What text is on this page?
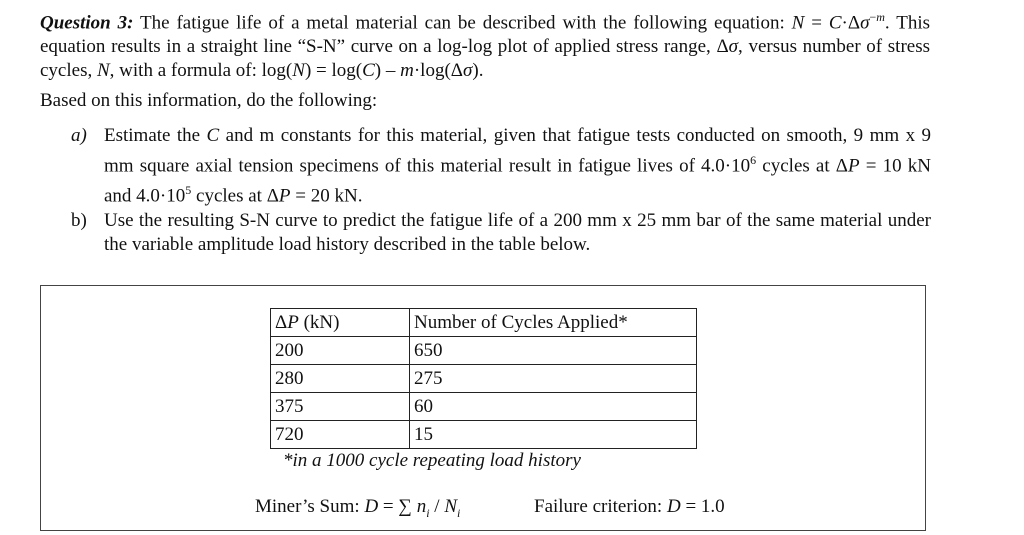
Question 3: The fatigue life of a metal material can be described with the following equation: $N = C\cdot\Delta\sigma^{-m}$. This equation results in a straight line “S-N” curve on a log-log plot of applied stress range, Δσ, versus number of stress cycles, N, with a formula of: log(N) = log(C) – m·log(Δσ).
Based on this information, do the following:
a) Estimate the C and m constants for this material, given that fatigue tests conducted on smooth, 9 mm x 9 mm square axial tension specimens of this material result in fatigue lives of $4.0\cdot 10^6$ cycles at ΔP = 10 kN and $4.0\cdot 10^5$ cycles at ΔP = 20 kN.
b) Use the resulting S-N curve to predict the fatigue life of a 200 mm x 25 mm bar of the same material under the variable amplitude load history described in the table below.
ΔP (kN)	Number of Cycles Applied*
200	650
280	275
375	60
720	15
*in a 1000 cycle repeating load history
Miner’s Sum: D = ∑ $n_i / N_i$	Failure criterion: D = 1.0
